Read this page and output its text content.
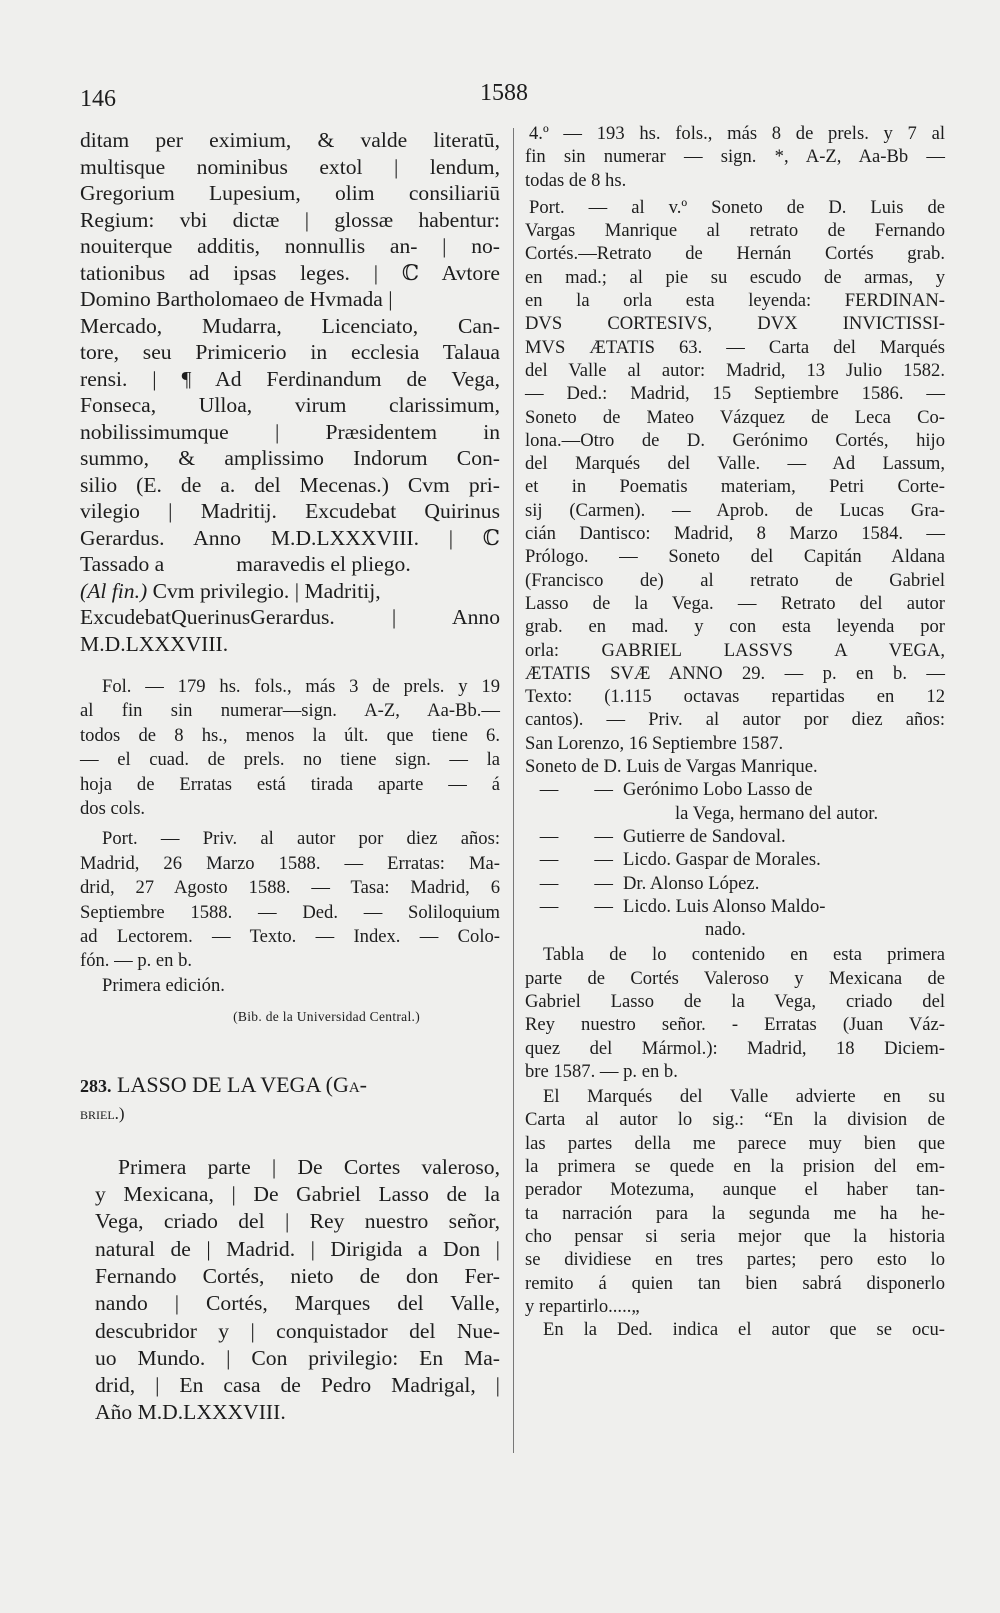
146	1588
ditam per eximium, & valde literatū,
multisque nominibus extol | lendum,
Gregorium Lupesium, olim consiliariū
Regium: vbi dictæ | glossæ habentur:
nouiterque additis, nonnullis an- | no-
tationibus ad ipsas leges. | ℂ Avtore
Domino Bartholomaeo de Hvmada |
Mercado, Mudarra, Licenciato, Can-
tore, seu Primicerio in ecclesia Talaua
rensi. | ¶ Ad Ferdinandum de Vega,
Fonseca, Ulloa, virum clarissimum,
nobilissimumque | Præsidentem in
summo, & amplissimo Indorum Con-
silio (E. de a. del Mecenas.) Cvm pri-
vilegio | Madritij. Excudebat Quirinus
Gerardus. Anno M.D.LXXXVIII. | ℂ
Tassado a	maravedis el pliego.
(Al fin.) Cvm privilegio. | Madritij,
ExcudebatQuerinusGerardus. | Anno
M.D.LXXXVIII.
Fol. — 179 hs. fols., más 3 de prels. y 19
al fin sin numerar—sign. A-Z, Aa-Bb.—
todos de 8 hs., menos la últ. que tiene 6.
— el cuad. de prels. no tiene sign. — la
hoja de Erratas está tirada aparte — á
dos cols.
Port. — Priv. al autor por diez años:
Madrid, 26 Marzo 1588. — Erratas: Ma-
drid, 27 Agosto 1588. — Tasa: Madrid, 6
Septiembre 1588. — Ded. — Soliloquium
ad Lectorem. — Texto. — Index. — Colo-
fón. — p. en b.
Primera edición.
(Bib. de la Universidad Central.)
283. LASSO DE LA VEGA (Ga-
briel.)
Primera parte | De Cortes valeroso,
y Mexicana, | De Gabriel Lasso de la
Vega, criado del | Rey nuestro señor,
natural de | Madrid. | Dirigida a Don |
Fernando Cortés, nieto de don Fer-
nando | Cortés, Marques del Valle,
descubridor y | conquistador del Nue-
uo Mundo. | Con privilegio: En Ma-
drid, | En casa de Pedro Madrigal, |
Año M.D.LXXXVIII.
4.º — 193 hs. fols., más 8 de prels. y 7 al
fin sin numerar — sign. *, A-Z, Aa-Bb —
todas de 8 hs.
Port. — al v.º Soneto de D. Luis de
Vargas Manrique al retrato de Fernando
Cortés.—Retrato de Hernán Cortés grab.
en mad.; al pie su escudo de armas, y
en la orla esta leyenda: FERDINAN-
DVS CORTESIVS, DVX INVICTISSI-
MVS ÆTATIS 63. — Carta del Marqués
del Valle al autor: Madrid, 13 Julio 1582.
— Ded.: Madrid, 15 Septiembre 1586. —
Soneto de Mateo Vázquez de Leca Co-
lona.—Otro de D. Gerónimo Cortés, hijo
del Marqués del Valle. — Ad Lassum,
et in Poematis materiam, Petri Corte-
sij (Carmen). — Aprob. de Lucas Gra-
cián Dantisco: Madrid, 8 Marzo 1584. —
Prólogo. — Soneto del Capitán Aldana
(Francisco de) al retrato de Gabriel
Lasso de la Vega. — Retrato del autor
grab. en mad. y con esta leyenda por
orla: GABRIEL LASSVS A VEGA,
ÆTATIS SVÆ ANNO 29. — p. en b. —
Texto: (1.115 octavas repartidas en 12
cantos). — Priv. al autor por diez años:
San Lorenzo, 16 Septiembre 1587.
Soneto de D. Luis de Vargas Manrique.
—	— Gerónimo Lobo Lasso de
la Vega, hermano del autor.
—	— Gutierre de Sandoval.
—	— Licdo. Gaspar de Morales.
—	— Dr. Alonso López.
—	— Licdo. Luis Alonso Maldo-
nado.
Tabla de lo contenido en esta primera
parte de Cortés Valeroso y Mexicana de
Gabriel Lasso de la Vega, criado del
Rey nuestro señor. - Erratas (Juan Váz-
quez del Mármol.): Madrid, 18 Diciem-
bre 1587. — p. en b.
El Marqués del Valle advierte en su
Carta al autor lo sig.: “En la division de
las partes della me parece muy bien que
la primera se quede en la prision del em-
perador Motezuma, aunque el haber tan-
ta narración para la segunda me ha he-
cho pensar si seria mejor que la historia
se dividiese en tres partes; pero esto lo
remito á quien tan bien sabrá disponerlo
y repartirlo.....„
En la Ded. indica el autor que se ocu-
